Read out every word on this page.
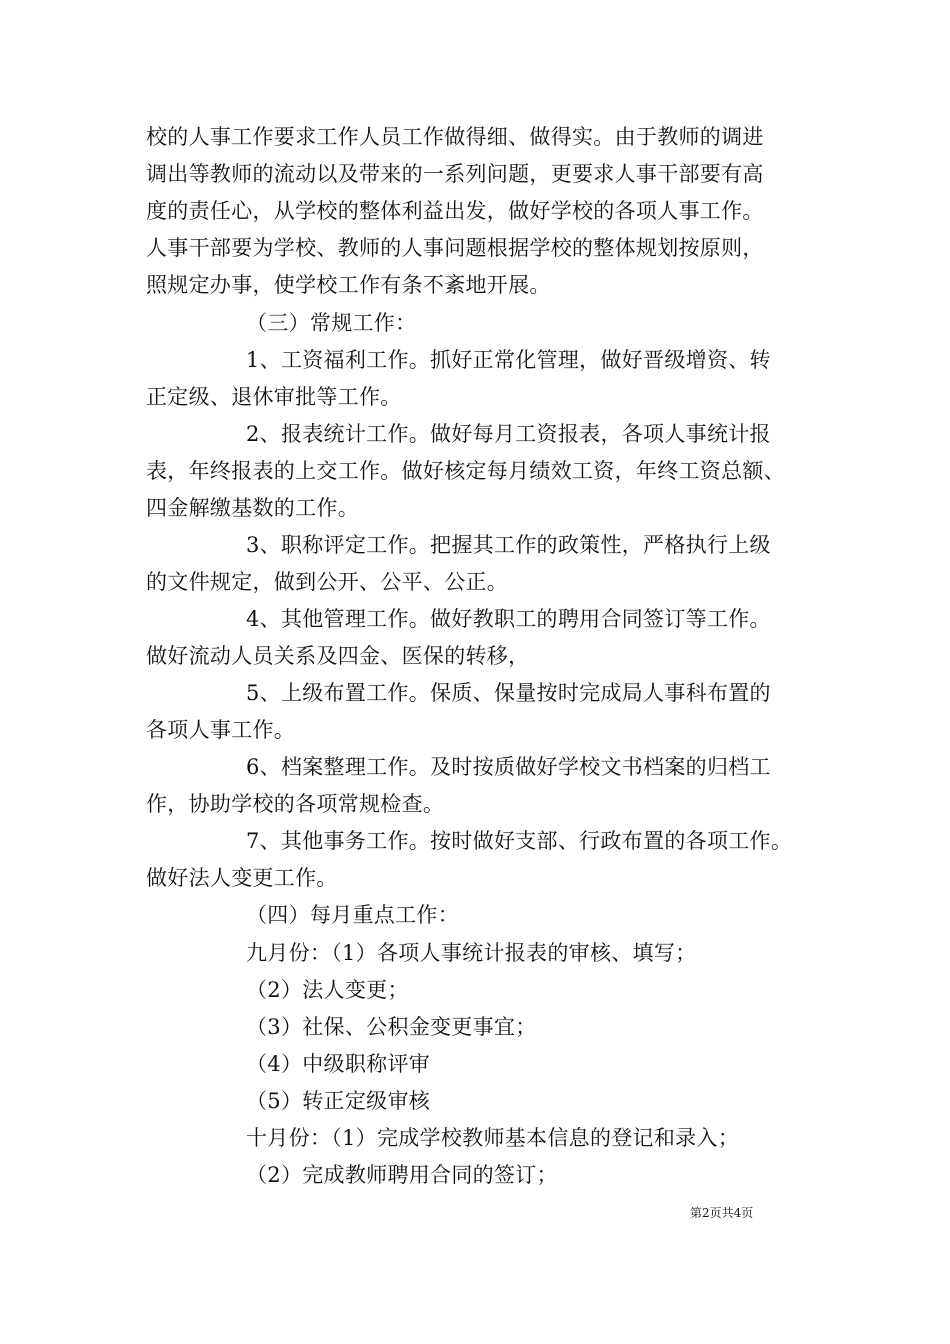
校的人事工作要求工作人员工作做得细、做得实。由于教师的调进
调出等教师的流动以及带来的一系列问题，更要求人事干部要有高
度的责任心，从学校的整体利益出发，做好学校的各项人事工作。
人事干部要为学校、教师的人事问题根据学校的整体规划按原则，
照规定办事，使学校工作有条不紊地开展。
（三）常规工作：
1、工资福利工作。抓好正常化管理，做好晋级增资、转
正定级、退休审批等工作。
2、报表统计工作。做好每月工资报表，各项人事统计报
表，年终报表的上交工作。做好核定每月绩效工资，年终工资总额、
四金解缴基数的工作。
3、职称评定工作。把握其工作的政策性，严格执行上级
的文件规定，做到公开、公平、公正。
4、其他管理工作。做好教职工的聘用合同签订等工作。
做好流动人员关系及四金、医保的转移，
5、上级布置工作。保质、保量按时完成局人事科布置的
各项人事工作。
6、档案整理工作。及时按质做好学校文书档案的归档工
作，协助学校的各项常规检查。
7、其他事务工作。按时做好支部、行政布置的各项工作。
做好法人变更工作。
（四）每月重点工作：
九月份：（1）各项人事统计报表的审核、填写；
（2）法人变更；
（3）社保、公积金变更事宜；
（4）中级职称评审
（5）转正定级审核
十月份：（1）完成学校教师基本信息的登记和录入；
（2）完成教师聘用合同的签订；
第2页共4页
